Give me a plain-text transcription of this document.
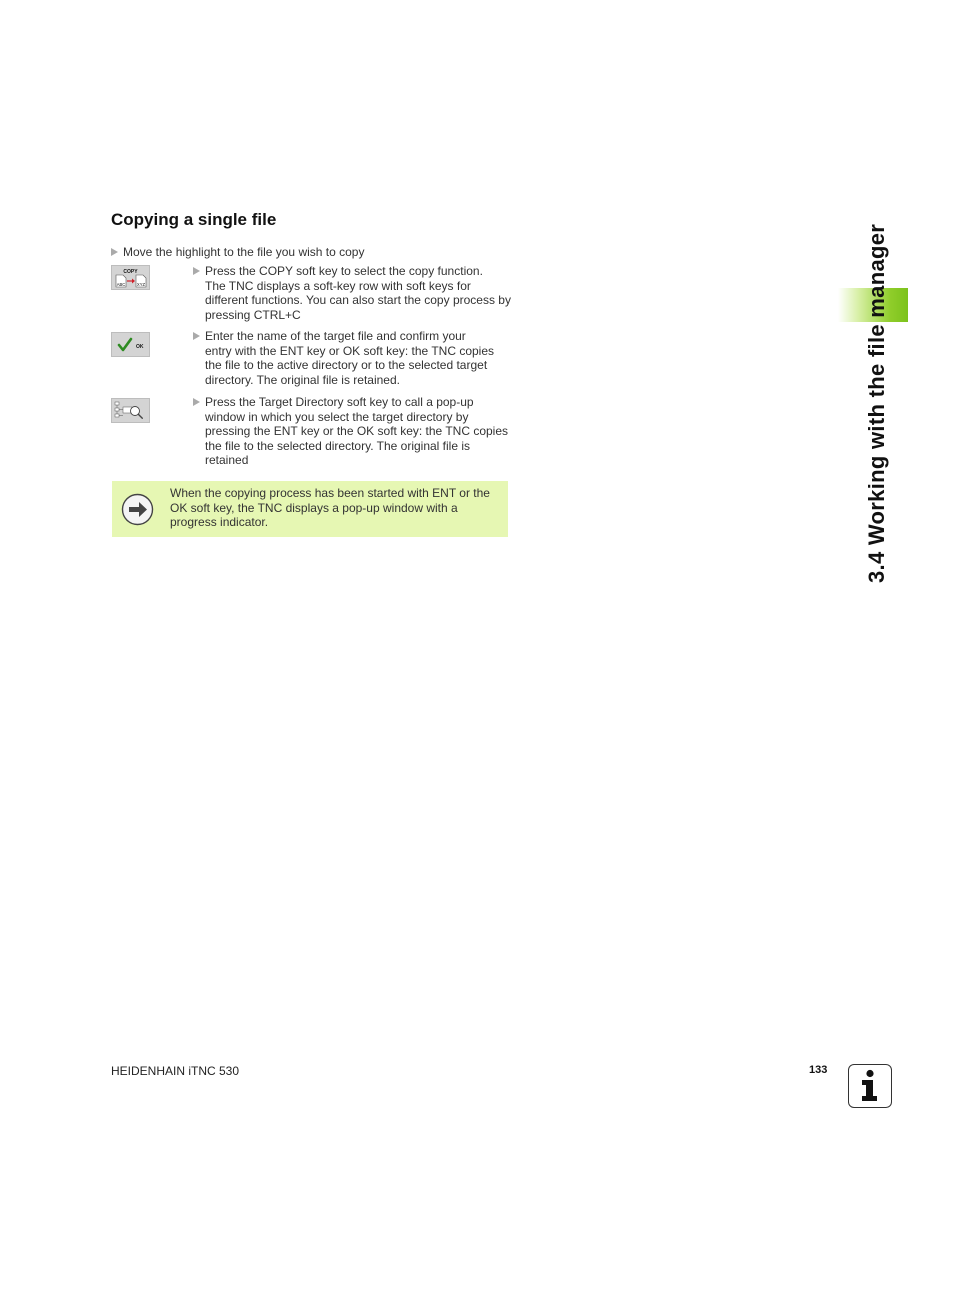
Copying a single file
Move the highlight to the file you wish to copy
COPY
ABC	XYZ
Press the COPY soft key to select the copy function.
The TNC displays a soft-key row with soft keys for different functions. You can also start the copy process by pressing CTRL+C
OK
Enter the name of the target file and confirm your
entry with the ENT key or OK soft key: the TNC copies the file to the active directory or to the selected target directory. The original file is retained.
Press the Target Directory soft key to call a pop-up
window in which you select the target directory by pressing the ENT key or the OK soft key: the TNC copies the file to the selected directory. The original file is retained
When the copying process has been started with ENT or the OK soft key, the TNC displays a pop-up window with a progress indicator.	3.4 Working with the file manager
HEIDENHAIN iTNC 530	133
